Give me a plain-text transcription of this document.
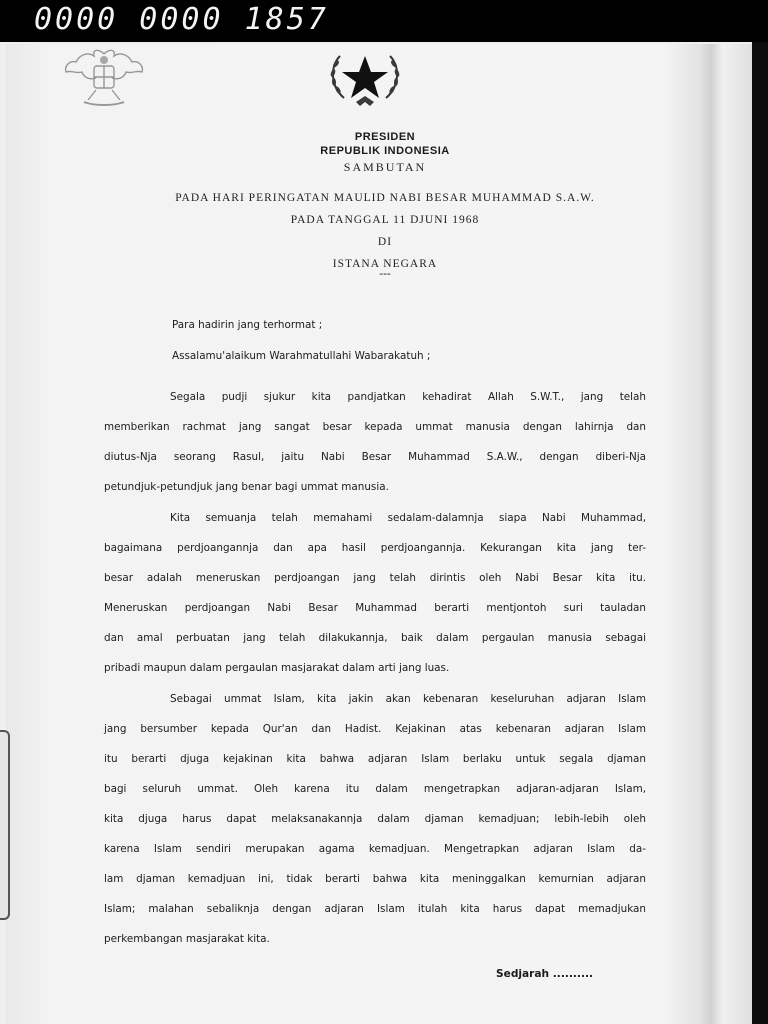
0000 0000 1857
PRESIDEN
REPUBLIK INDONESIA
SAMBUTAN
PADA HARI PERINGATAN MAULID NABI BESAR MUHAMMAD S.A.W.
PADA TANGGAL 11 DJUNI 1968
DI
ISTANA NEGARA
---
Para hadirin jang terhormat ;
Assalamu'alaikum Warahmatullahi Wabarakatuh ;
Segala pudji sjukur kita pandjatkan kehadirat Allah S.W.T., jang telah
memberikan rachmat jang sangat besar kepada ummat manusia dengan lahirnja dan
diutus-Nja seorang Rasul, jaitu Nabi Besar Muhammad S.A.W., dengan diberi-Nja
petundjuk-petundjuk jang benar bagi ummat manusia.
Kita semuanja telah memahami sedalam-dalamnja siapa Nabi Muhammad,
bagaimana perdjoangannja dan apa hasil perdjoangannja. Kekurangan kita jang ter-
besar adalah meneruskan perdjoangan jang telah dirintis oleh Nabi Besar kita itu.
Meneruskan perdjoangan Nabi Besar Muhammad berarti mentjontoh suri tauladan
dan amal perbuatan jang telah dilakukannja, baik dalam pergaulan manusia sebagai
pribadi maupun dalam pergaulan masjarakat dalam arti jang luas.
Sebagai ummat Islam, kita jakin akan kebenaran keseluruhan adjaran Islam
jang bersumber kepada Qur'an dan Hadist. Kejakinan atas kebenaran adjaran Islam
itu berarti djuga kejakinan kita bahwa adjaran Islam berlaku untuk segala djaman
bagi seluruh ummat. Oleh karena itu dalam mengetrapkan adjaran-adjaran Islam,
kita djuga harus dapat melaksanakannja dalam djaman kemadjuan; lebih-lebih oleh
karena Islam sendiri merupakan agama kemadjuan. Mengetrapkan adjaran Islam da-
lam djaman kemadjuan ini, tidak berarti bahwa kita meninggalkan kemurnian adjaran
Islam; malahan sebaliknja dengan adjaran Islam itulah kita harus dapat memadjukan
perkembangan masjarakat kita.
Sedjarah ..........
